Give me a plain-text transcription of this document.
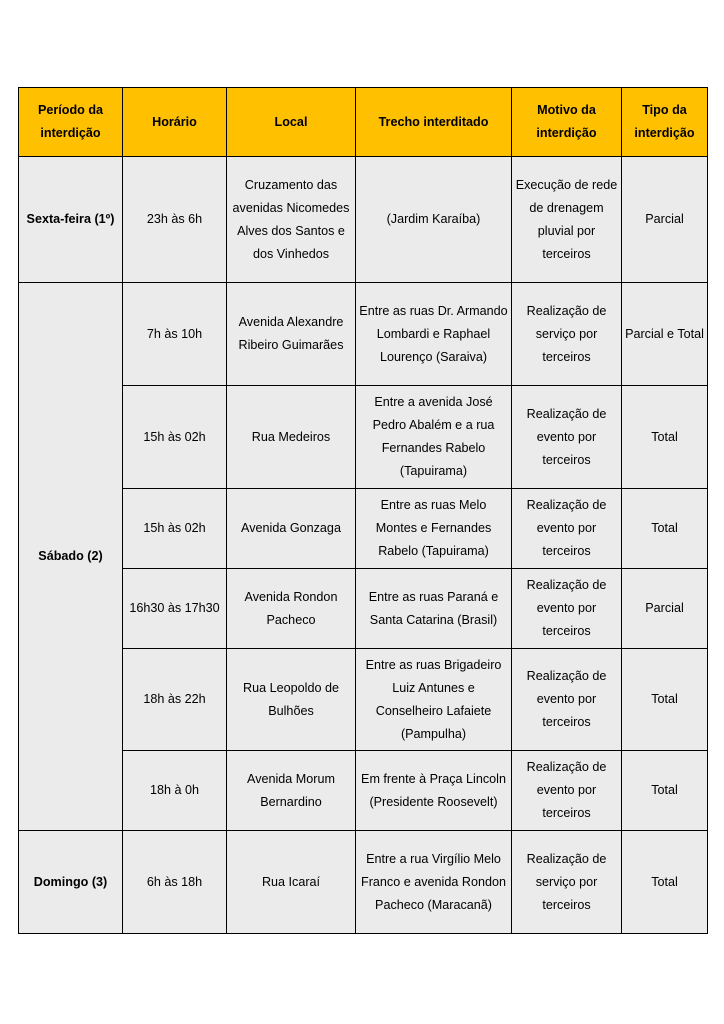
Período da interdição	Horário	Local	Trecho interditado	Motivo da interdição	Tipo da interdição
Sexta-feira (1º)	23h às 6h	Cruzamento das avenidas Nicomedes Alves dos Santos e dos Vinhedos	(Jardim Karaíba)	Execução de rede de drenagem pluvial por terceiros	Parcial
Sábado (2)	7h às 10h	Avenida Alexandre Ribeiro Guimarães	Entre as ruas Dr. Armando Lombardi e Raphael Lourenço (Saraiva)	Realização de serviço por terceiros	Parcial e Total
	15h às 02h	Rua Medeiros	Entre a avenida José Pedro Abalém e a rua Fernandes Rabelo (Tapuirama)	Realização de evento por terceiros	Total
	15h às 02h	Avenida Gonzaga	Entre as ruas Melo Montes e Fernandes Rabelo (Tapuirama)	Realização de evento por terceiros	Total
	16h30 às 17h30	Avenida Rondon Pacheco	Entre as ruas Paraná e Santa Catarina (Brasil)	Realização de evento por terceiros	Parcial
	18h às 22h	Rua Leopoldo de Bulhões	Entre as ruas Brigadeiro Luiz Antunes e Conselheiro Lafaiete (Pampulha)	Realização de evento por terceiros	Total
	18h à 0h	Avenida Morum Bernardino	Em frente à Praça Lincoln (Presidente Roosevelt)	Realização de evento por terceiros	Total
Domingo (3)	6h às 18h	Rua Icaraí	Entre a rua Virgílio Melo Franco e avenida Rondon Pacheco (Maracanã)	Realização de serviço por terceiros	Total
